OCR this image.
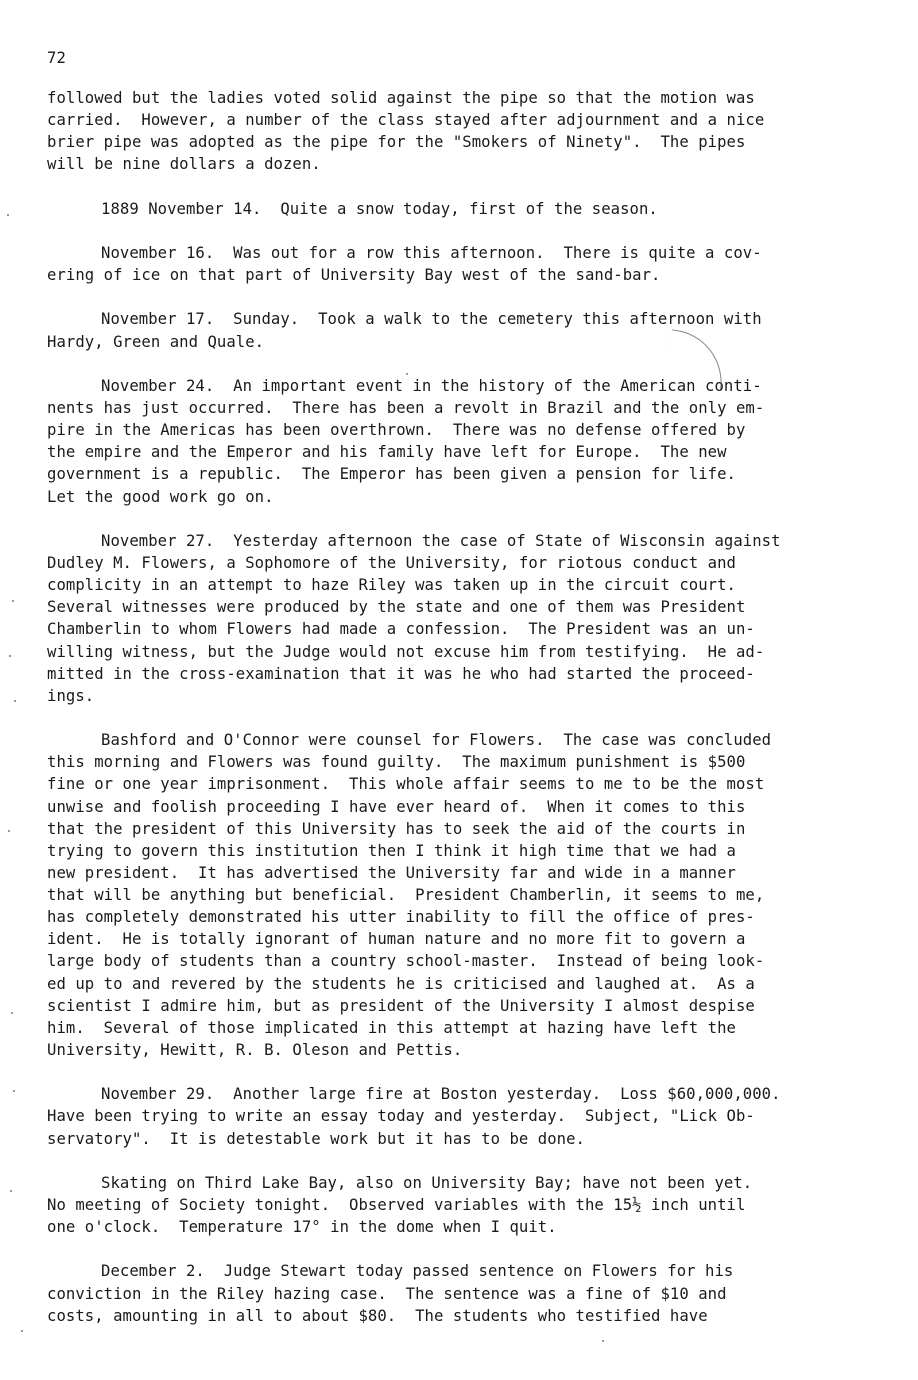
72
followed but the ladies voted solid against the pipe so that the motion was
carried.  However, a number of the class stayed after adjournment and a nice
brier pipe was adopted as the pipe for the "Smokers of Ninety".  The pipes
will be nine dollars a dozen.
1889 November 14.  Quite a snow today, first of the season.
November 16.  Was out for a row this afternoon.  There is quite a cov-
ering of ice on that part of University Bay west of the sand-bar.
November 17.  Sunday.  Took a walk to the cemetery this afternoon with
Hardy, Green and Quale.
November 24.  An important event in the history of the American conti-
nents has just occurred.  There has been a revolt in Brazil and the only em-
pire in the Americas has been overthrown.  There was no defense offered by
the empire and the Emperor and his family have left for Europe.  The new
government is a republic.  The Emperor has been given a pension for life.
Let the good work go on.
November 27.  Yesterday afternoon the case of State of Wisconsin against
Dudley M. Flowers, a Sophomore of the University, for riotous conduct and
complicity in an attempt to haze Riley was taken up in the circuit court.
Several witnesses were produced by the state and one of them was President
Chamberlin to whom Flowers had made a confession.  The President was an un-
willing witness, but the Judge would not excuse him from testifying.  He ad-
mitted in the cross-examination that it was he who had started the proceed-
ings.
Bashford and O'Connor were counsel for Flowers.  The case was concluded
this morning and Flowers was found guilty.  The maximum punishment is $500
fine or one year imprisonment.  This whole affair seems to me to be the most
unwise and foolish proceeding I have ever heard of.  When it comes to this
that the president of this University has to seek the aid of the courts in
trying to govern this institution then I think it high time that we had a
new president.  It has advertised the University far and wide in a manner
that will be anything but beneficial.  President Chamberlin, it seems to me,
has completely demonstrated his utter inability to fill the office of pres-
ident.  He is totally ignorant of human nature and no more fit to govern a
large body of students than a country school-master.  Instead of being look-
ed up to and revered by the students he is criticised and laughed at.  As a
scientist I admire him, but as president of the University I almost despise
him.  Several of those implicated in this attempt at hazing have left the
University, Hewitt, R. B. Oleson and Pettis.
November 29.  Another large fire at Boston yesterday.  Loss $60,000,000.
Have been trying to write an essay today and yesterday.  Subject, "Lick Ob-
servatory".  It is detestable work but it has to be done.
Skating on Third Lake Bay, also on University Bay; have not been yet.
No meeting of Society tonight.  Observed variables with the 15½ inch until
one o'clock.  Temperature 17° in the dome when I quit.
December 2.  Judge Stewart today passed sentence on Flowers for his
conviction in the Riley hazing case.  The sentence was a fine of $10 and
costs, amounting in all to about $80.  The students who testified have
